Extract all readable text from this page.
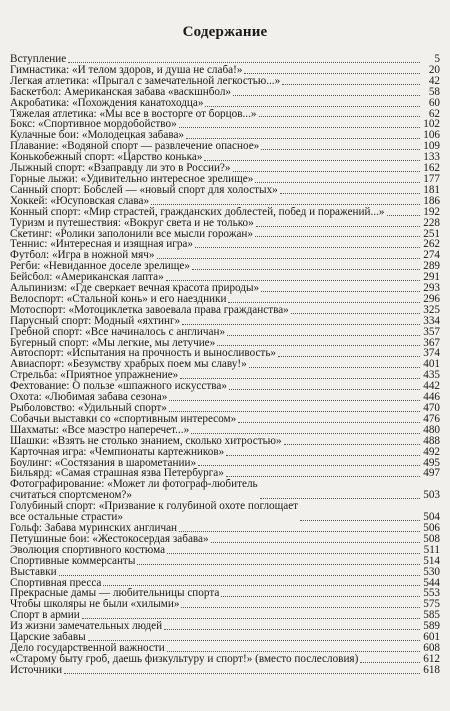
Содержание
Вступление	5
Гимнастика: «И телом здоров, и душа не слаба!»	20
Легкая атлетика: «Прыгал с замечательной легкостью...»	42
Баскетбол: Американская забава «васкшнбол»	58
Акробатика: «Похождения канатоходца»	60
Тяжелая атлетика: «Мы все в восторге от борцов...»	62
Бокс: «Спортивное мордобойство»	102
Кулачные бои: «Молодецкая забава»	106
Плавание: «Водяной спорт — развлечение опасное»	109
Конькобежный спорт: «Царство конька»	133
Лыжный спорт: «Взаправду ли это в России?»	162
Горные лыжи: «Удивительно интересное зрелище»	177
Санный спорт: Бобслей — «новый спорт для холостых»	181
Хоккей: «Юсуповская слава»	186
Конный спорт: «Мир страстей, гражданских доблестей, побед и поражений...»	192
Туризм и путешествия: «Вокруг света и не только»	228
Скетинг: «Ролики заполонили все мысли горожан»	251
Теннис: «Интересная и изящная игра»	262
Футбол: «Игра в ножной мяч»	274
Регби: «Невиданное доселе зрелище»	289
Бейсбол: «Американская лапта»	291
Альпинизм: «Где сверкает вечная красота природы»	293
Велоспорт: «Стальной конь» и его наездники	296
Мотоспорт: «Мотоциклетка завоевала права гражданства»	325
Парусный спорт: Модный «яхтинг»	334
Гребной спорт: «Все начиналось с англичан»	357
Бугерный спорт: «Мы легкие, мы летучие»	367
Автоспорт: «Испытания на прочность и выносливость»	374
Авиаспорт: «Безумству храбрых поем мы славу!»	401
Стрельба: «Приятное упражнение»	435
Фехтование: О пользе «шпажного искусства»	442
Охота: «Любимая забава сезона»	446
Рыболовство: «Удильный спорт»	470
Собачьи выставки со «спортивным интересом»	476
Шахматы: «Все маэстро наперечет...»	480
Шашки: «Взять не столько знанием, сколько хитростью»	488
Карточная игра: «Чемпионаты картежников»	492
Боулинг: «Состязания в шарометании»	495
Бильярд: «Самая страшная язва Петербурга»	497
Фотографирование: «Может ли фотограф-любитель
считаться спортсменом?»	503
Голубиный спорт: «Призвание к голубиной охоте поглощает
все остальные страсти»	504
Гольф: Забава муринских англичан	506
Петушиные бои: «Жестокосердая забава»	508
Эволюция спортивного костюма	511
Спортивные коммерсанты	514
Выставки	530
Спортивная пресса	544
Прекрасные дамы — любительницы спорта	553
Чтобы школяры не были «хилыми»	575
Спорт в армии	585
Из жизни замечательных людей	589
Царские забавы	601
Дело государственной важности	608
«Старому быту гроб, даешь физкультуру и спорт!» (вместо послесловия)	612
Источники	618
